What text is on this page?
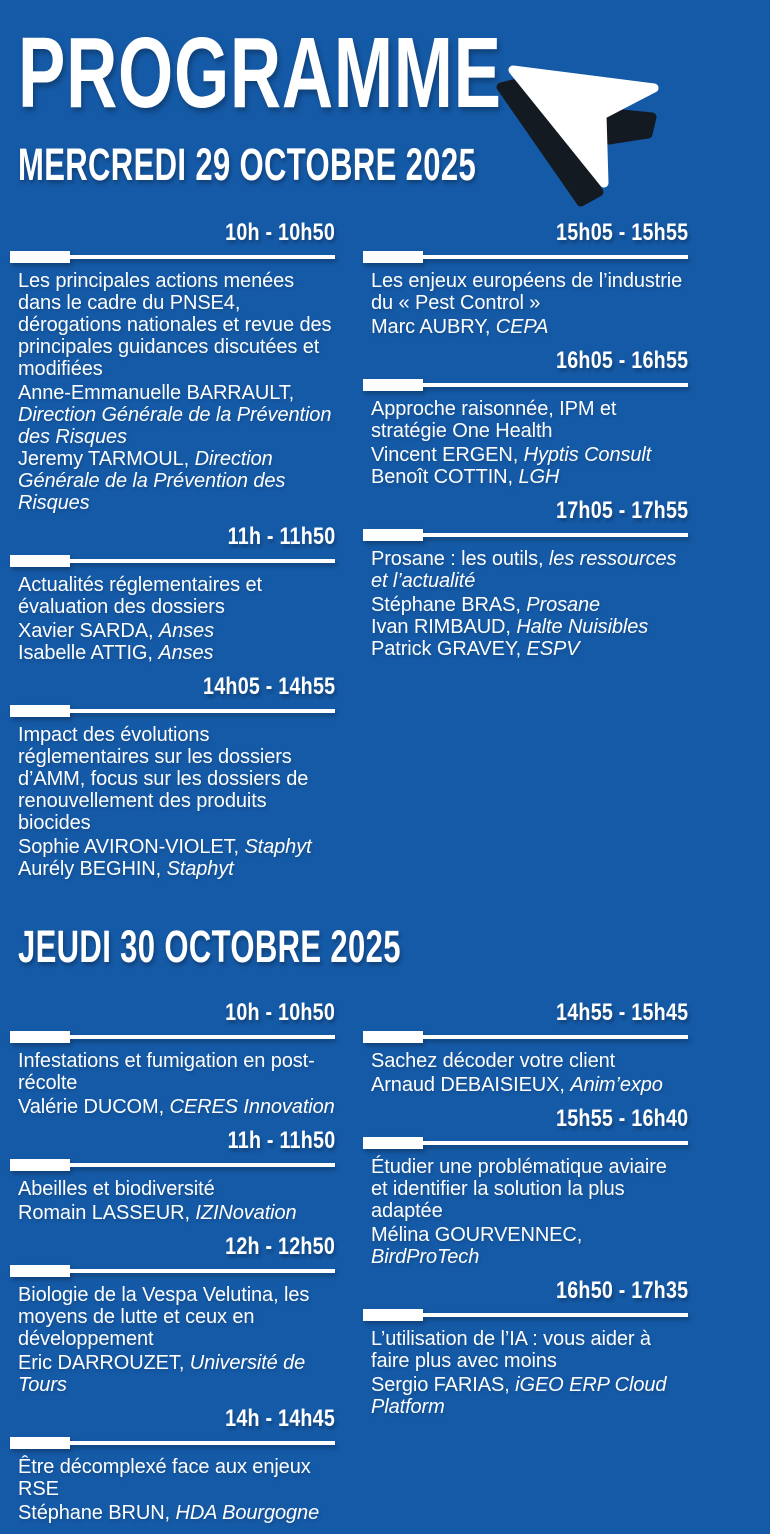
PROGRAMME
MERCREDI 29 OCTOBRE 2025
10h - 10h50
Les principales actions menées dans le cadre du PNSE4, dérogations nationales et revue des principales guidances discutées et modifiées
Anne-Emmanuelle BARRAULT, Direction Générale de la Prévention des Risques
Jeremy TARMOUL, Direction Générale de la Prévention des Risques
11h - 11h50
Actualités réglementaires et évaluation des dossiers
Xavier SARDA, Anses
Isabelle ATTIG, Anses
14h05 - 14h55
Impact des évolutions réglementaires sur les dossiers d’AMM, focus sur les dossiers de renouvellement des produits biocides
Sophie AVIRON-VIOLET, Staphyt
Aurély BEGHIN, Staphyt
15h05 - 15h55
Les enjeux européens de l’industrie du « Pest Control »
Marc AUBRY, CEPA
16h05 - 16h55
Approche raisonnée, IPM et stratégie One Health
Vincent ERGEN, Hyptis Consult
Benoît COTTIN, LGH
17h05 - 17h55
Prosane : les outils, les ressources et l’actualité
Stéphane BRAS, Prosane
Ivan RIMBAUD, Halte Nuisibles
Patrick GRAVEY, ESPV
JEUDI 30 OCTOBRE 2025
10h - 10h50
Infestations et fumigation en post-récolte
Valérie DUCOM, CERES Innovation
11h - 11h50
Abeilles et biodiversité
Romain LASSEUR, IZINovation
12h - 12h50
Biologie de la Vespa Velutina, les moyens de lutte et ceux en développement
Eric DARROUZET, Université de Tours
14h - 14h45
Être décomplexé face aux enjeux RSE
Stéphane BRUN, HDA Bourgogne
14h55 - 15h45
Sachez décoder votre client
Arnaud DEBAISIEUX, Anim’expo
15h55 - 16h40
Étudier une problématique aviaire et identifier la solution la plus adaptée
Mélina GOURVENNEC, BirdProTech
16h50 - 17h35
L’utilisation de l’IA : vous aider à faire plus avec moins
Sergio FARIAS, iGEO ERP Cloud Platform
